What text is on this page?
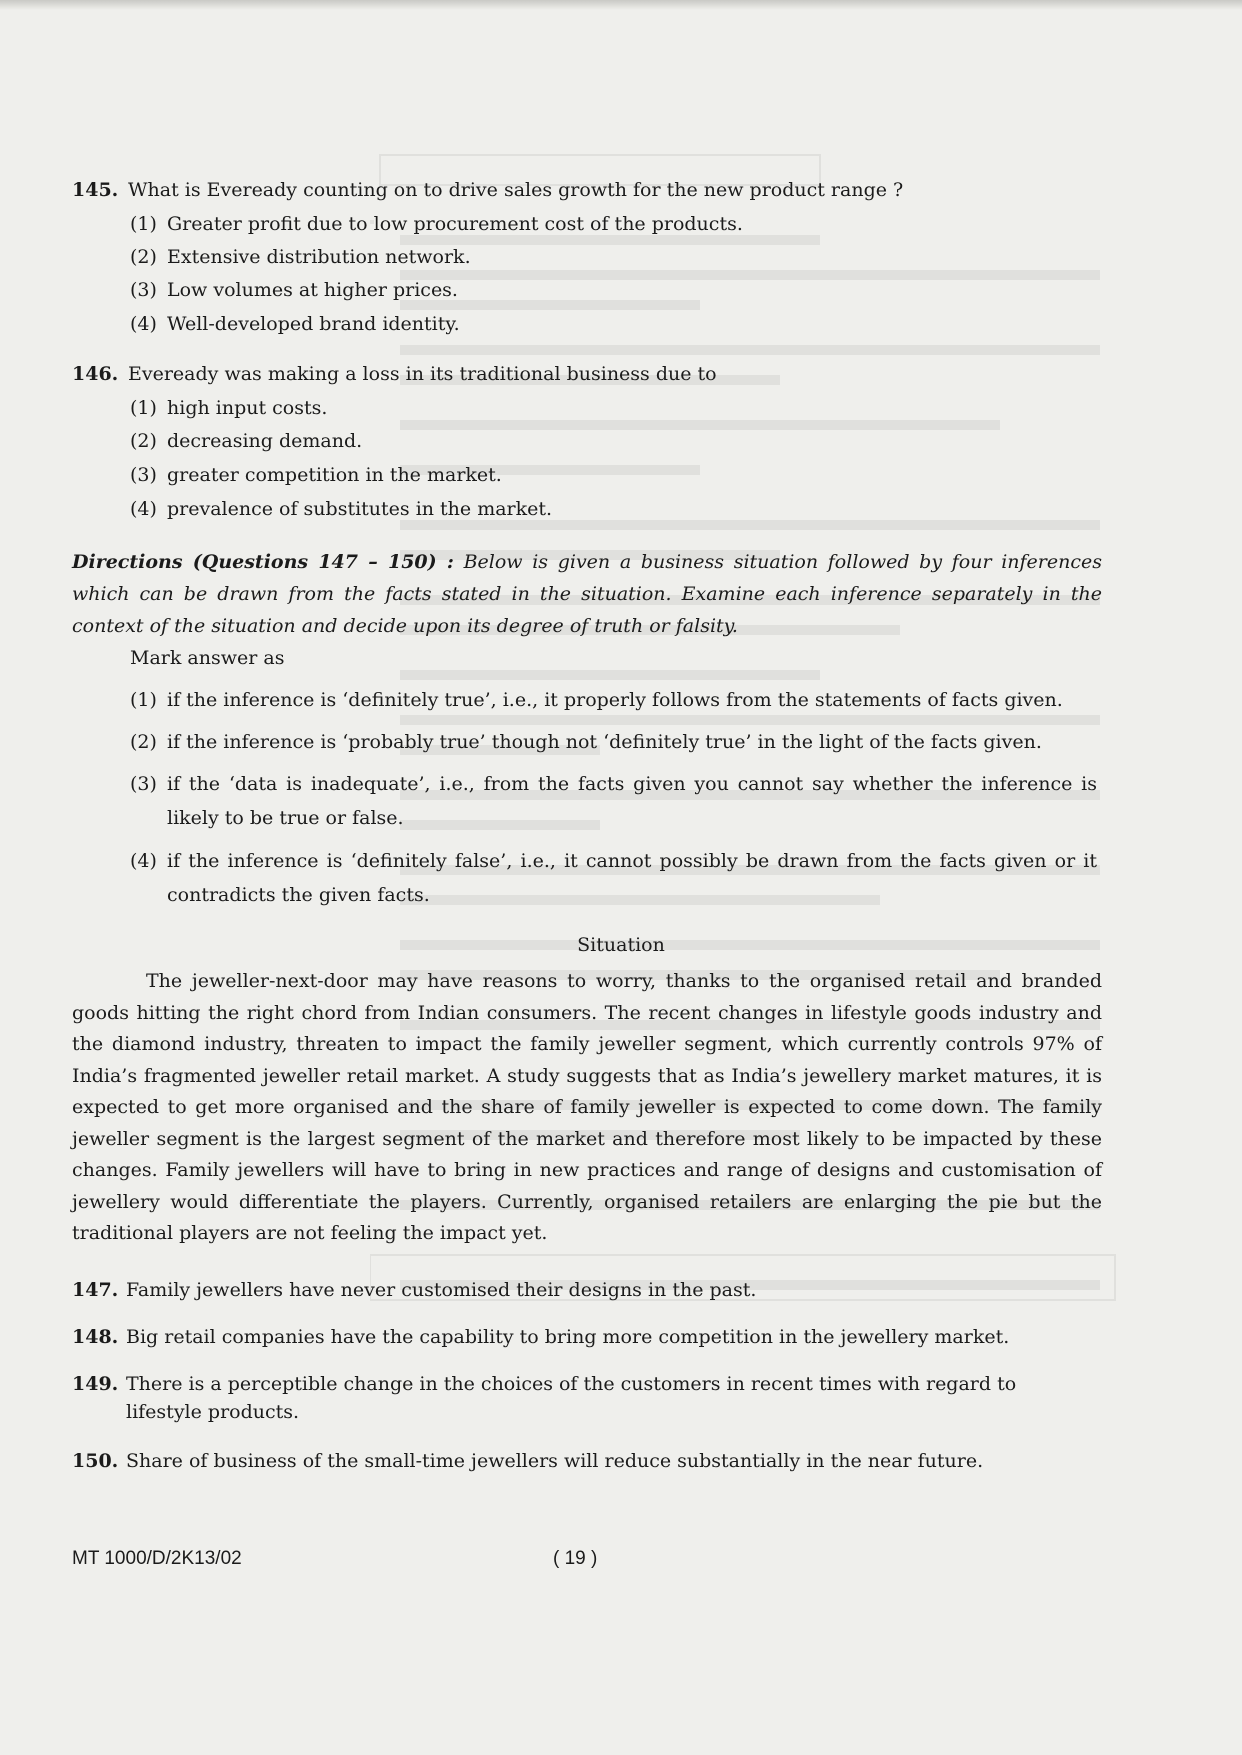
145. What is Eveready counting on to drive sales growth for the new product range ?
(1) Greater profit due to low procurement cost of the products.
(2) Extensive distribution network.
(3) Low volumes at higher prices.
(4) Well-developed brand identity.
146. Eveready was making a loss in its traditional business due to
(1) high input costs.
(2) decreasing demand.
(3) greater competition in the market.
(4) prevalence of substitutes in the market.
Directions (Questions 147 – 150) : Below is given a business situation followed by four inferences which can be drawn from the facts stated in the situation. Examine each inference separately in the context of the situation and decide upon its degree of truth or falsity.
Mark answer as
(1) if the inference is ‘definitely true’, i.e., it properly follows from the statements of facts given.
(2) if the inference is ‘probably true’ though not ‘definitely true’ in the light of the facts given.
(3) if the ‘data is inadequate’, i.e., from the facts given you cannot say whether the inference is likely to be true or false.
(4) if the inference is ‘definitely false’, i.e., it cannot possibly be drawn from the facts given or it contradicts the given facts.
Situation
The jeweller-next-door may have reasons to worry, thanks to the organised retail and branded goods hitting the right chord from Indian consumers. The recent changes in lifestyle goods industry and the diamond industry, threaten to impact the family jeweller segment, which currently controls 97% of India’s fragmented jeweller retail market. A study suggests that as India’s jewellery market matures, it is expected to get more organised and the share of family jeweller is expected to come down. The family jeweller segment is the largest segment of the market and therefore most likely to be impacted by these changes. Family jewellers will have to bring in new practices and range of designs and customisation of jewellery would differentiate the players. Currently, organised retailers are enlarging the pie but the traditional players are not feeling the impact yet.
147. Family jewellers have never customised their designs in the past.
148. Big retail companies have the capability to bring more competition in the jewellery market.
149. There is a perceptible change in the choices of the customers in recent times with regard to lifestyle products.
150. Share of business of the small-time jewellers will reduce substantially in the near future.
MT 1000/D/2K13/02	( 19 )
